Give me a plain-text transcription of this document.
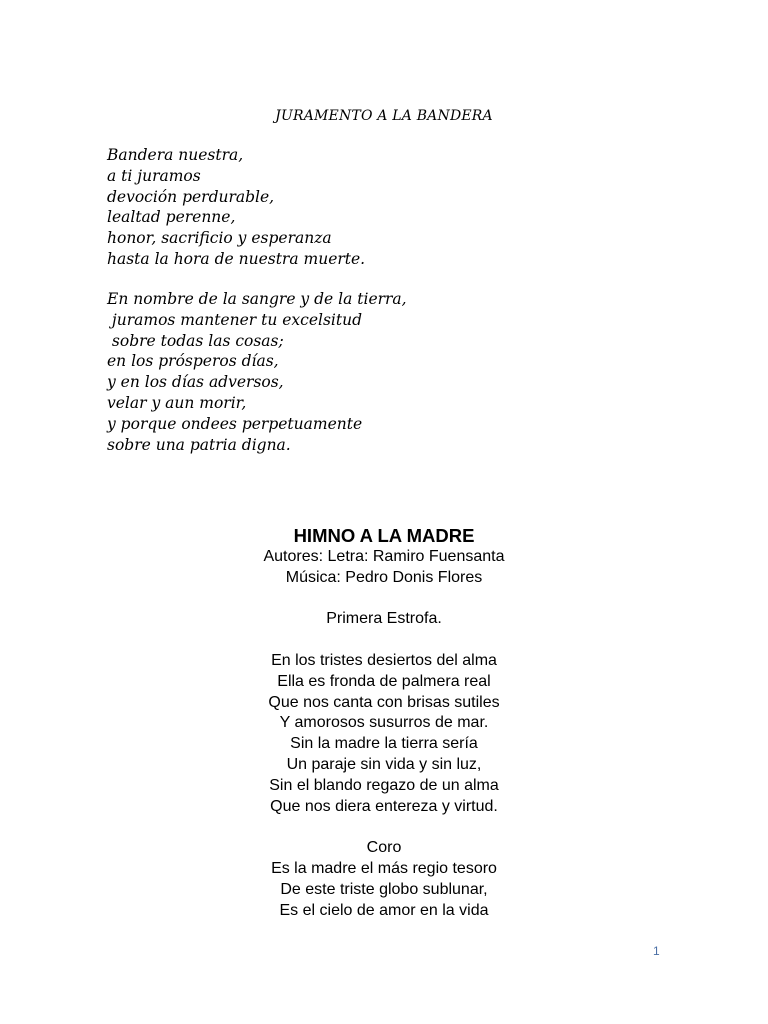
JURAMENTO A LA BANDERA
Bandera nuestra,
a ti juramos
devoción perdurable,
lealtad perenne,
honor, sacrificio y esperanza
hasta la hora de nuestra muerte.
En nombre de la sangre y de la tierra,
juramos mantener tu excelsitud
sobre todas las cosas;
en los prósperos días,
y en los días adversos,
velar y aun morir,
y porque ondees perpetuamente
sobre una patria digna.
HIMNO A LA MADRE
Autores: Letra: Ramiro Fuensanta
Música: Pedro Donis Flores
Primera Estrofa.
En los tristes desiertos del alma
Ella es fronda de palmera real
Que nos canta con brisas sutiles
Y amorosos susurros de mar.
Sin la madre la tierra sería
Un paraje sin vida y sin luz,
Sin el blando regazo de un alma
Que nos diera entereza y virtud.
Coro
Es la madre el más regio tesoro
De este triste globo sublunar,
Es el cielo de amor en la vida
1
